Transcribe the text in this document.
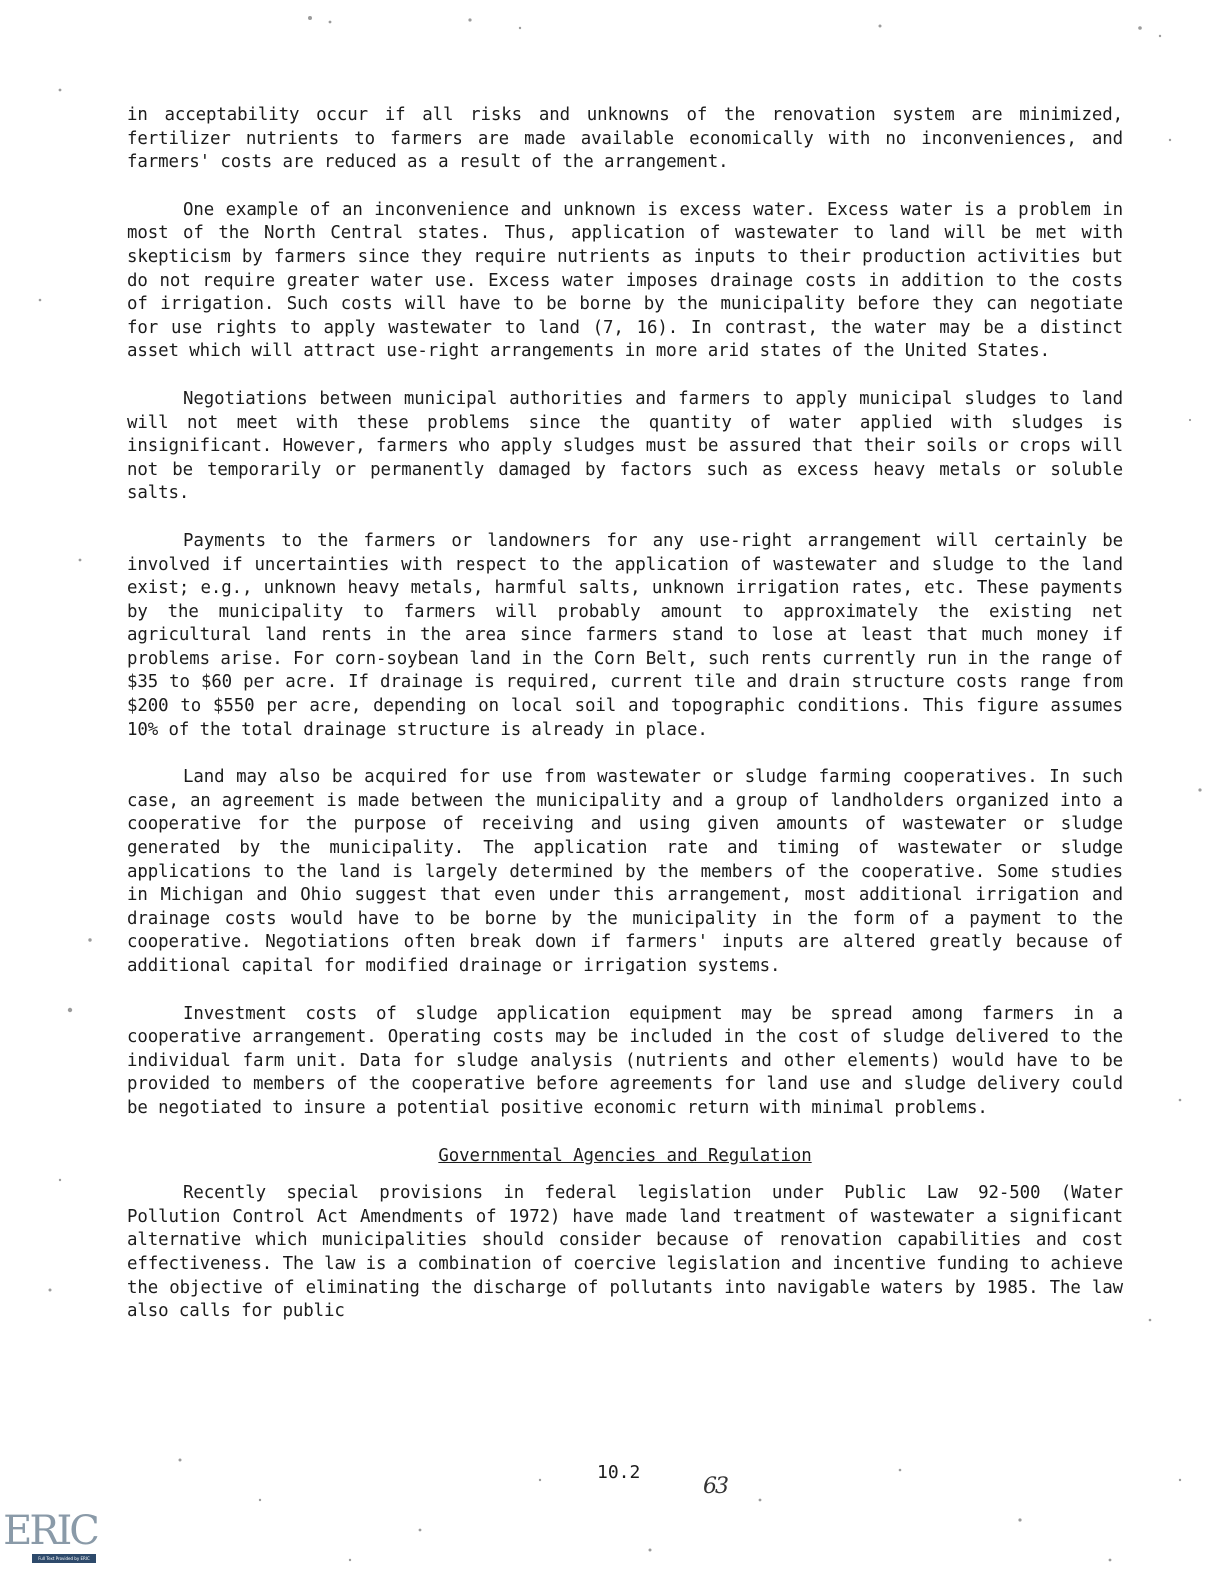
in acceptability occur if all risks and unknowns of the renovation system are minimized, fertilizer nutrients to farmers are made available economically with no inconveniences, and farmers' costs are reduced as a result of the arrangement.

One example of an inconvenience and unknown is excess water. Excess water is a problem in most of the North Central states. Thus, application of wastewater to land will be met with skepticism by farmers since they require nutrients as inputs to their production activities but do not require greater water use. Excess water imposes drainage costs in addition to the costs of irrigation. Such costs will have to be borne by the municipality before they can negotiate for use rights to apply wastewater to land (7, 16). In contrast, the water may be a distinct asset which will attract use-right arrangements in more arid states of the United States.

Negotiations between municipal authorities and farmers to apply municipal sludges to land will not meet with these problems since the quantity of water applied with sludges is insignificant. However, farmers who apply sludges must be assured that their soils or crops will not be temporarily or permanently damaged by factors such as excess heavy metals or soluble salts.

Payments to the farmers or landowners for any use-right arrangement will certainly be involved if uncertainties with respect to the application of wastewater and sludge to the land exist; e.g., unknown heavy metals, harmful salts, unknown irrigation rates, etc. These payments by the municipality to farmers will probably amount to approximately the existing net agricultural land rents in the area since farmers stand to lose at least that much money if problems arise. For corn-soybean land in the Corn Belt, such rents currently run in the range of $35 to $60 per acre. If drainage is required, current tile and drain structure costs range from $200 to $550 per acre, depending on local soil and topographic conditions. This figure assumes 10% of the total drainage structure is already in place.

Land may also be acquired for use from wastewater or sludge farming cooperatives. In such case, an agreement is made between the municipality and a group of landholders organized into a cooperative for the purpose of receiving and using given amounts of wastewater or sludge generated by the municipality. The application rate and timing of wastewater or sludge applications to the land is largely determined by the members of the cooperative. Some studies in Michigan and Ohio suggest that even under this arrangement, most additional irrigation and drainage costs would have to be borne by the municipality in the form of a payment to the cooperative. Negotiations often break down if farmers' inputs are altered greatly because of additional capital for modified drainage or irrigation systems.

Investment costs of sludge application equipment may be spread among farmers in a cooperative arrangement. Operating costs may be included in the cost of sludge delivered to the individual farm unit. Data for sludge analysis (nutrients and other elements) would have to be provided to members of the cooperative before agreements for land use and sludge delivery could be negotiated to insure a potential positive economic return with minimal problems.

Governmental Agencies and Regulation

Recently special provisions in federal legislation under Public Law 92-500 (Water Pollution Control Act Amendments of 1972) have made land treatment of wastewater a significant alternative which municipalities should consider because of renovation capabilities and cost effectiveness. The law is a combination of coercive legislation and incentive funding to achieve the objective of eliminating the discharge of pollutants into navigable waters by 1985. The law also calls for public

10.2
63
ERIC
Full Text Provided by ERIC
